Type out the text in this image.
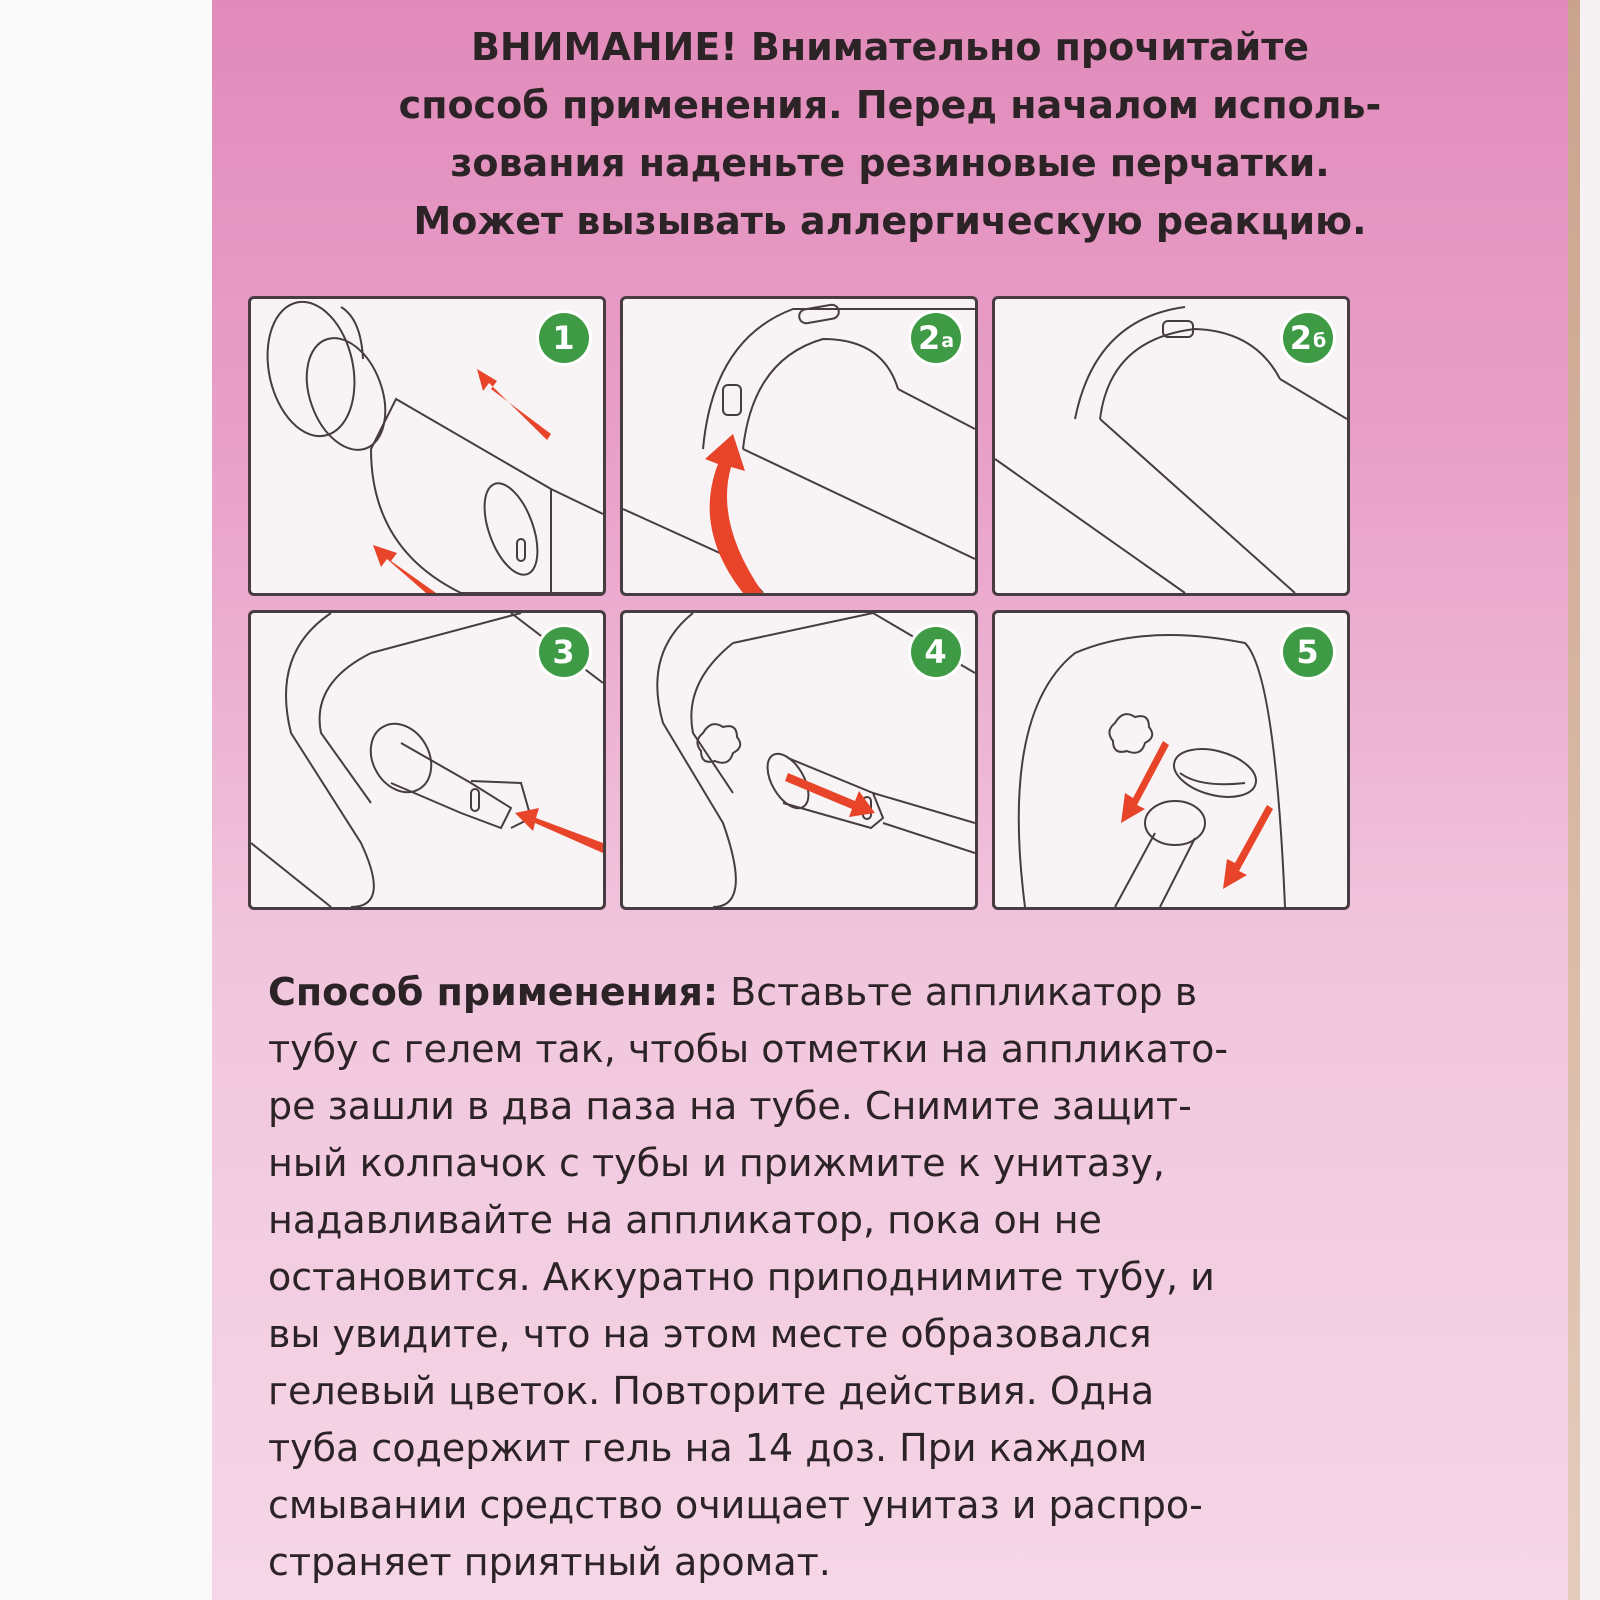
ВНИМАНИЕ! Внимательно прочитайте
способ применения. Перед началом исполь-
зования наденьте резиновые перчатки.
Может вызывать аллергическую реакцию.
1	2 а	2 б
3	4	5
Способ применения: Вставьте аппликатор в
тубу с гелем так, чтобы отметки на аппликато-
ре зашли в два паза на тубе. Снимите защит-
ный колпачок с тубы и прижмите к унитазу,
надавливайте на аппликатор, пока он не
остановится. Аккуратно приподнимите тубу, и
вы увидите, что на этом месте образовался
гелевый цветок. Повторите действия. Одна
туба содержит гель на 14 доз. При каждом
смывании средство очищает унитаз и распро-
страняет приятный аромат.
